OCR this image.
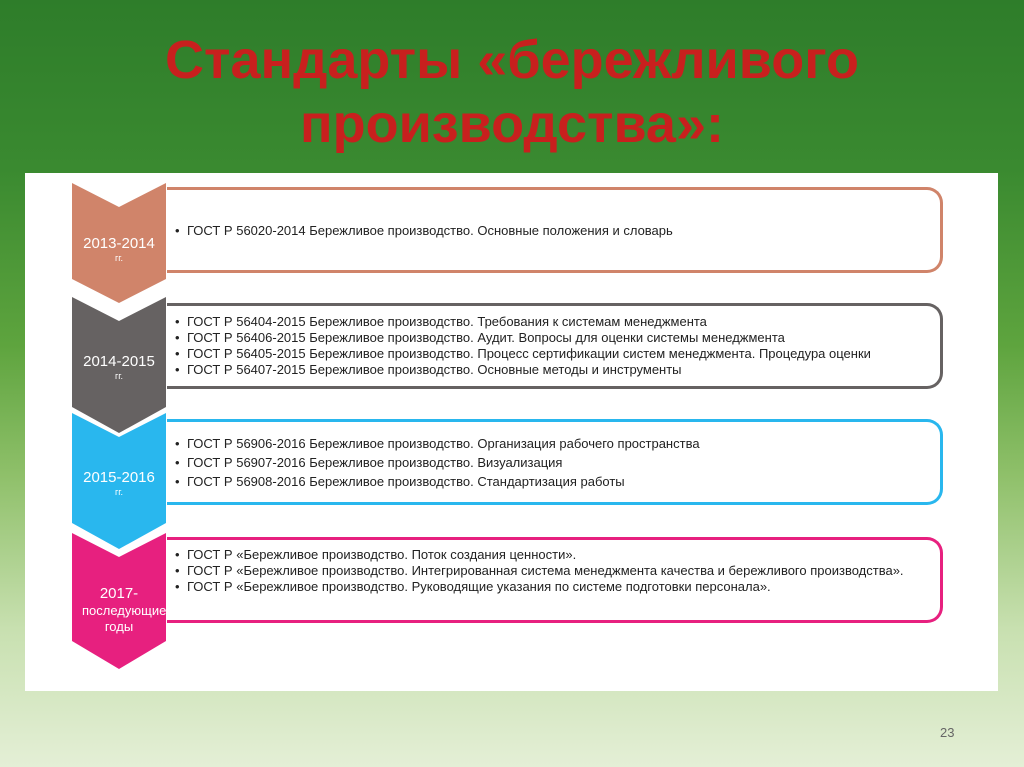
Стандарты «бережливого
производства»:
2013-2014
гг.
• ГОСТ Р 56020-2014 Бережливое производство. Основные положения и словарь
2014-2015
гг.
• ГОСТ Р 56404-2015 Бережливое производство. Требования к системам менеджмента
• ГОСТ Р 56406-2015 Бережливое производство. Аудит. Вопросы для оценки системы менеджмента
• ГОСТ Р 56405-2015 Бережливое производство. Процесс сертификации систем менеджмента. Процедура оценки
• ГОСТ Р 56407-2015 Бережливое производство. Основные методы и инструменты
2015-2016
гг.
• ГОСТ Р 56906-2016 Бережливое производство. Организация рабочего пространства
• ГОСТ Р 56907-2016 Бережливое производство. Визуализация
• ГОСТ Р 56908-2016 Бережливое производство. Стандартизация работы
2017-
последующие годы
• ГОСТ Р «Бережливое производство. Поток создания ценности».
• ГОСТ Р «Бережливое производство. Интегрированная система менеджмента качества и бережливого производства».
• ГОСТ Р «Бережливое производство. Руководящие указания по системе подготовки персонала».
23
